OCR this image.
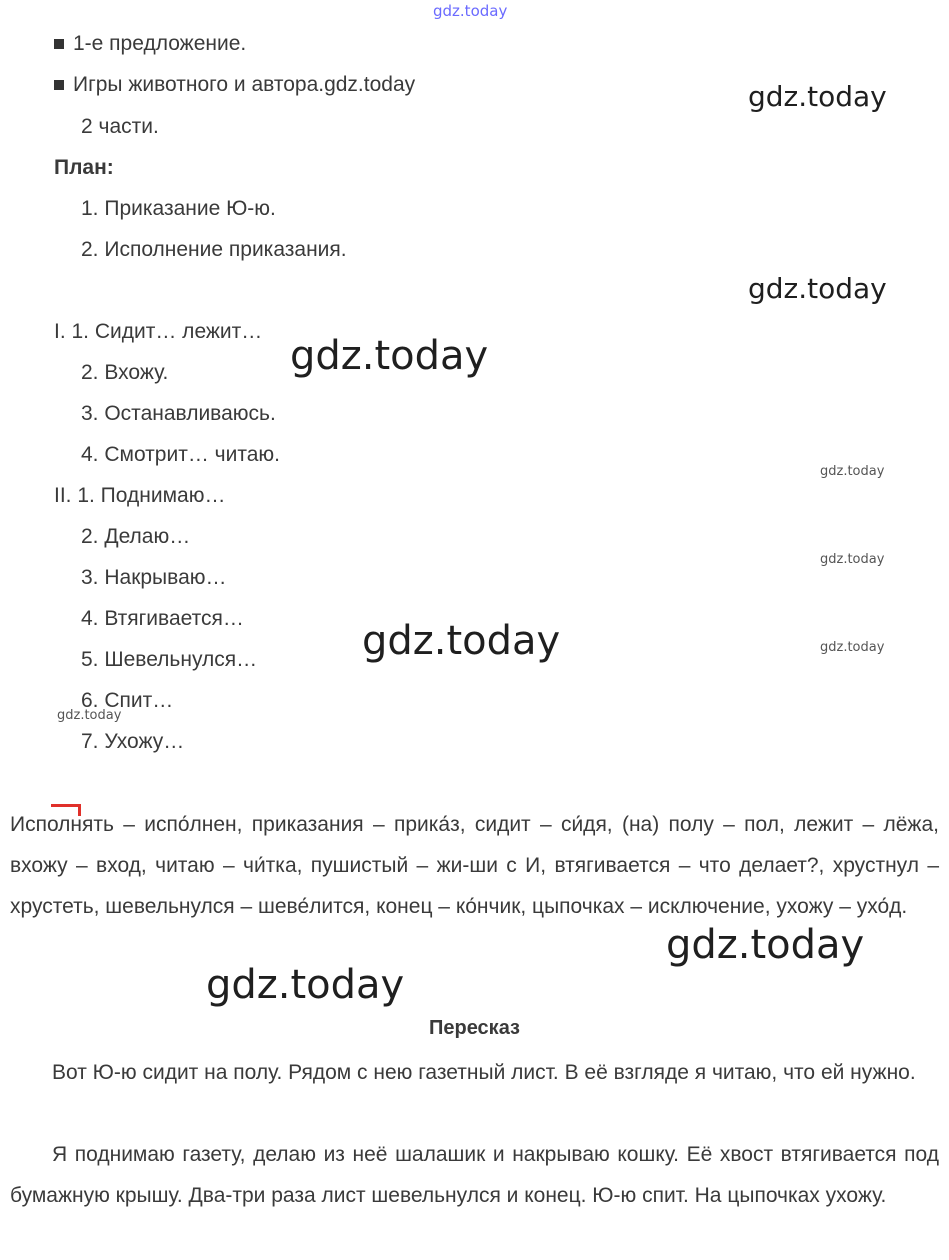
gdz.today
1-е предложение.
Игры животного и автора.gdz.today	gdz.today
2 части.
План:
1. Приказание Ю-ю.
2. Исполнение приказания.
gdz.today
I. 1. Сидит… лежит…
gdz.today
2. Вхожу.
3. Останавливаюсь.
4. Смотрит… читаю.
gdz.today
II. 1. Поднимаю…
2. Делаю…
gdz.today
3. Накрываю…
4. Втягивается…	gdz.today	gdz.today
5. Шевельнулся…
6. Спит…
gdz.today
7. Ухожу…
Исполнять – испо́лнен, приказания – прика́з, сидит – си́дя, (на) полу – пол, лежит – лёжа, вхожу – вход, читаю – чи́тка, пушистый – жи-ши с И, втягивается – что делает?, хрустнул – хрустеть, шевельнулся – шеве́лится, конец – ко́нчик, цыпочках – исключение, ухожу – ухо́д.
gdz.today
gdz.today
Пересказ
Вот Ю-ю сидит на полу. Рядом с нею газетный лист. В её взгляде я читаю, что ей нужно.
Я поднимаю газету, делаю из неё шалашик и накрываю кошку. Её хвост втягивается под бумажную крышу. Два-три раза лист шевельнулся и конец. Ю-ю спит. На цыпочках ухожу.
